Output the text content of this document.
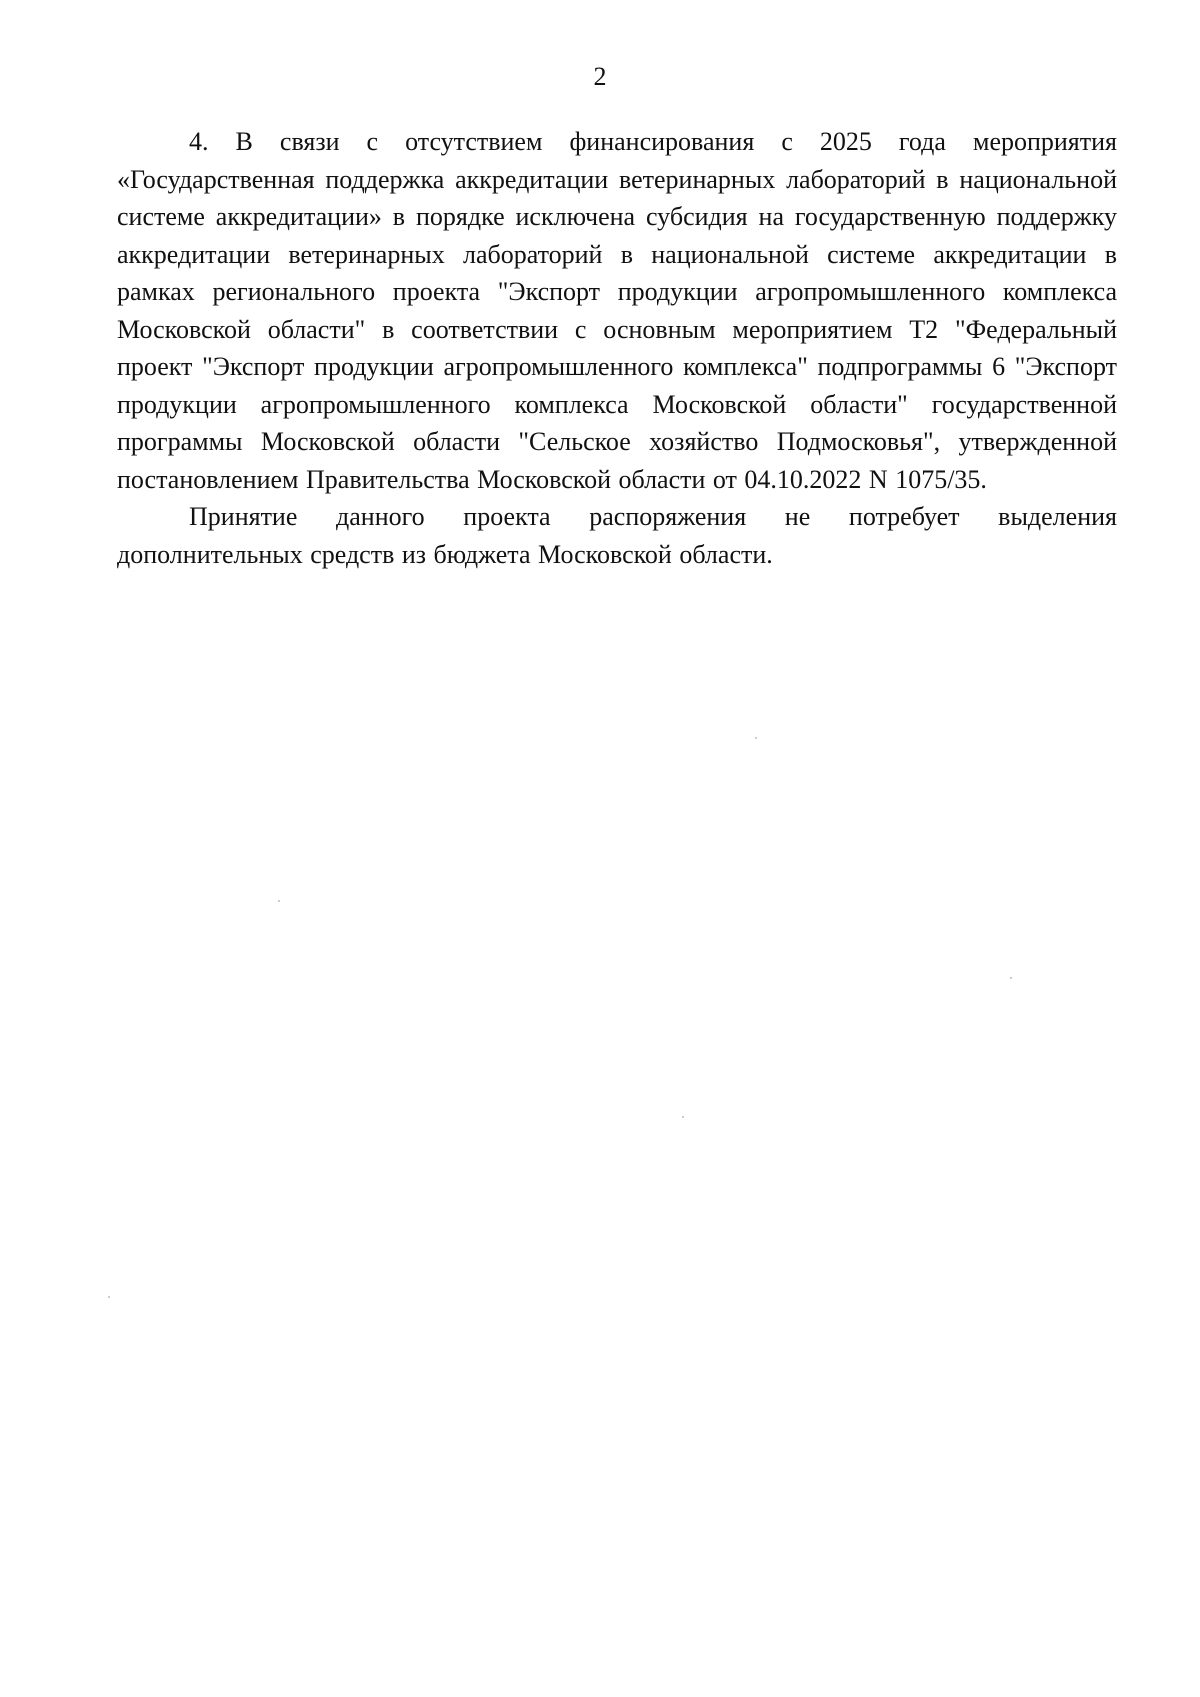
2

4. В связи с отсутствием финансирования с 2025 года мероприятия «Государственная поддержка аккредитации ветеринарных лабораторий в национальной системе аккредитации» в порядке исключена субсидия на государственную поддержку аккредитации ветеринарных лабораторий в национальной системе аккредитации в рамках регионального проекта "Экспорт продукции агропромышленного комплекса Московской области" в соответствии с основным мероприятием Т2 "Федеральный проект "Экспорт продукции агропромышленного комплекса" подпрограммы 6 "Экспорт продукции агропромышленного комплекса Московской области" государственной программы Московской области "Сельское хозяйство Подмосковья", утвержденной постановлением Правительства Московской области от 04.10.2022 N 1075/35.

Принятие данного проекта распоряжения не потребует выделения дополнительных средств из бюджета Московской области.
